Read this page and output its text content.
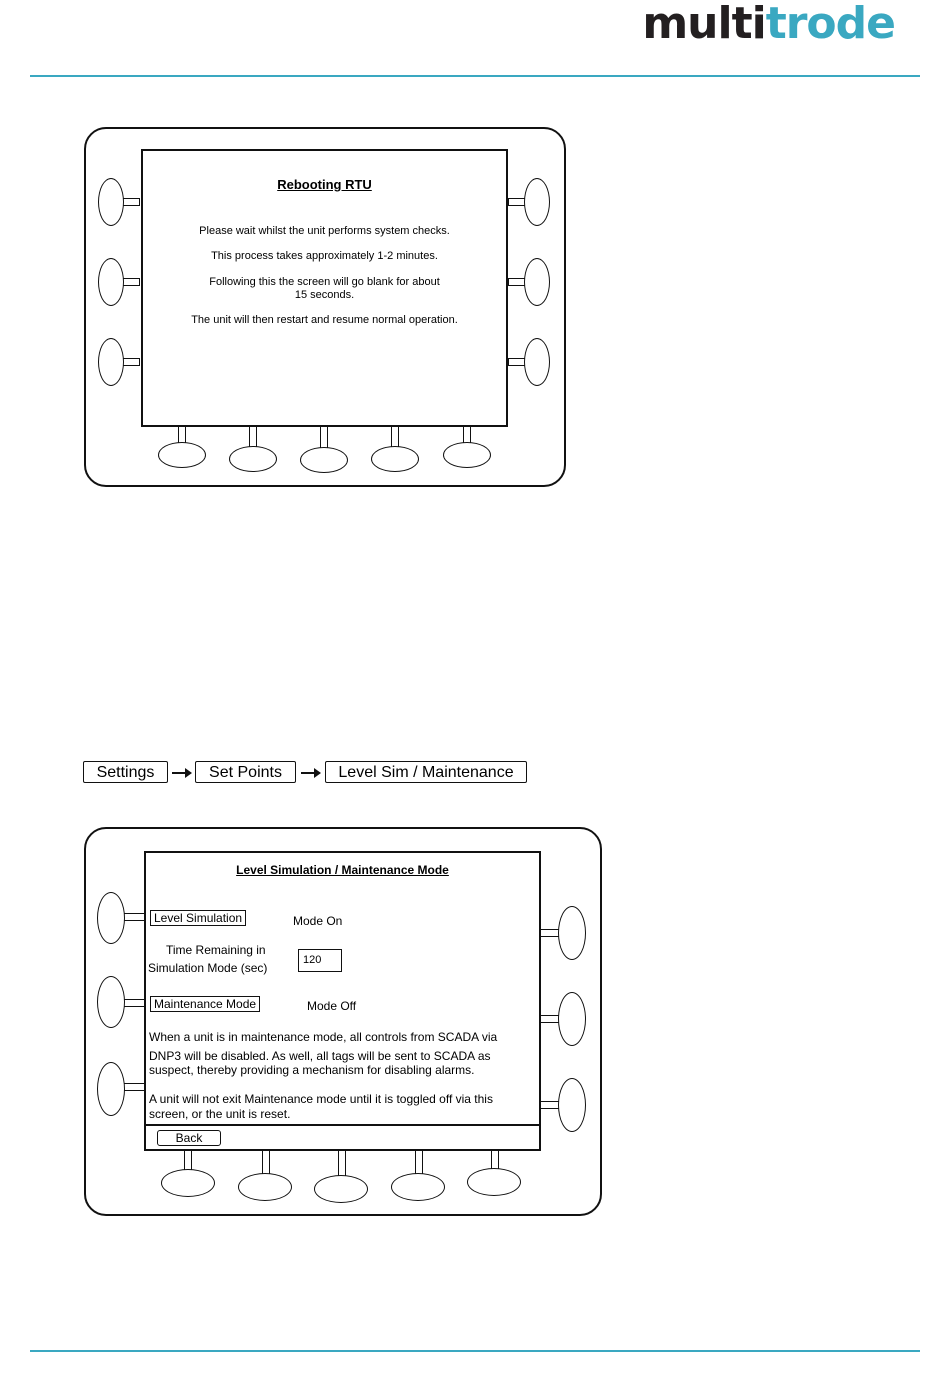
multitrode
Rebooting RTU
Please wait whilst the unit performs system checks.
This process takes approximately 1-2 minutes.
Following this the screen will go blank for about
15 seconds.
The unit will then restart and resume normal operation.
Settings	Set Points	Level Sim / Maintenance
Level Simulation / Maintenance Mode
Level Simulation	Mode On
Time Remaining in
Simulation Mode (sec)
120
Maintenance Mode	Mode Off
When a unit is in maintenance mode, all controls from SCADA via
DNP3 will be disabled. As well, all tags will be sent to SCADA as
suspect, thereby providing a mechanism for disabling alarms.
A unit will not exit Maintenance mode until it is toggled off via this
screen, or the unit is reset.
Back
